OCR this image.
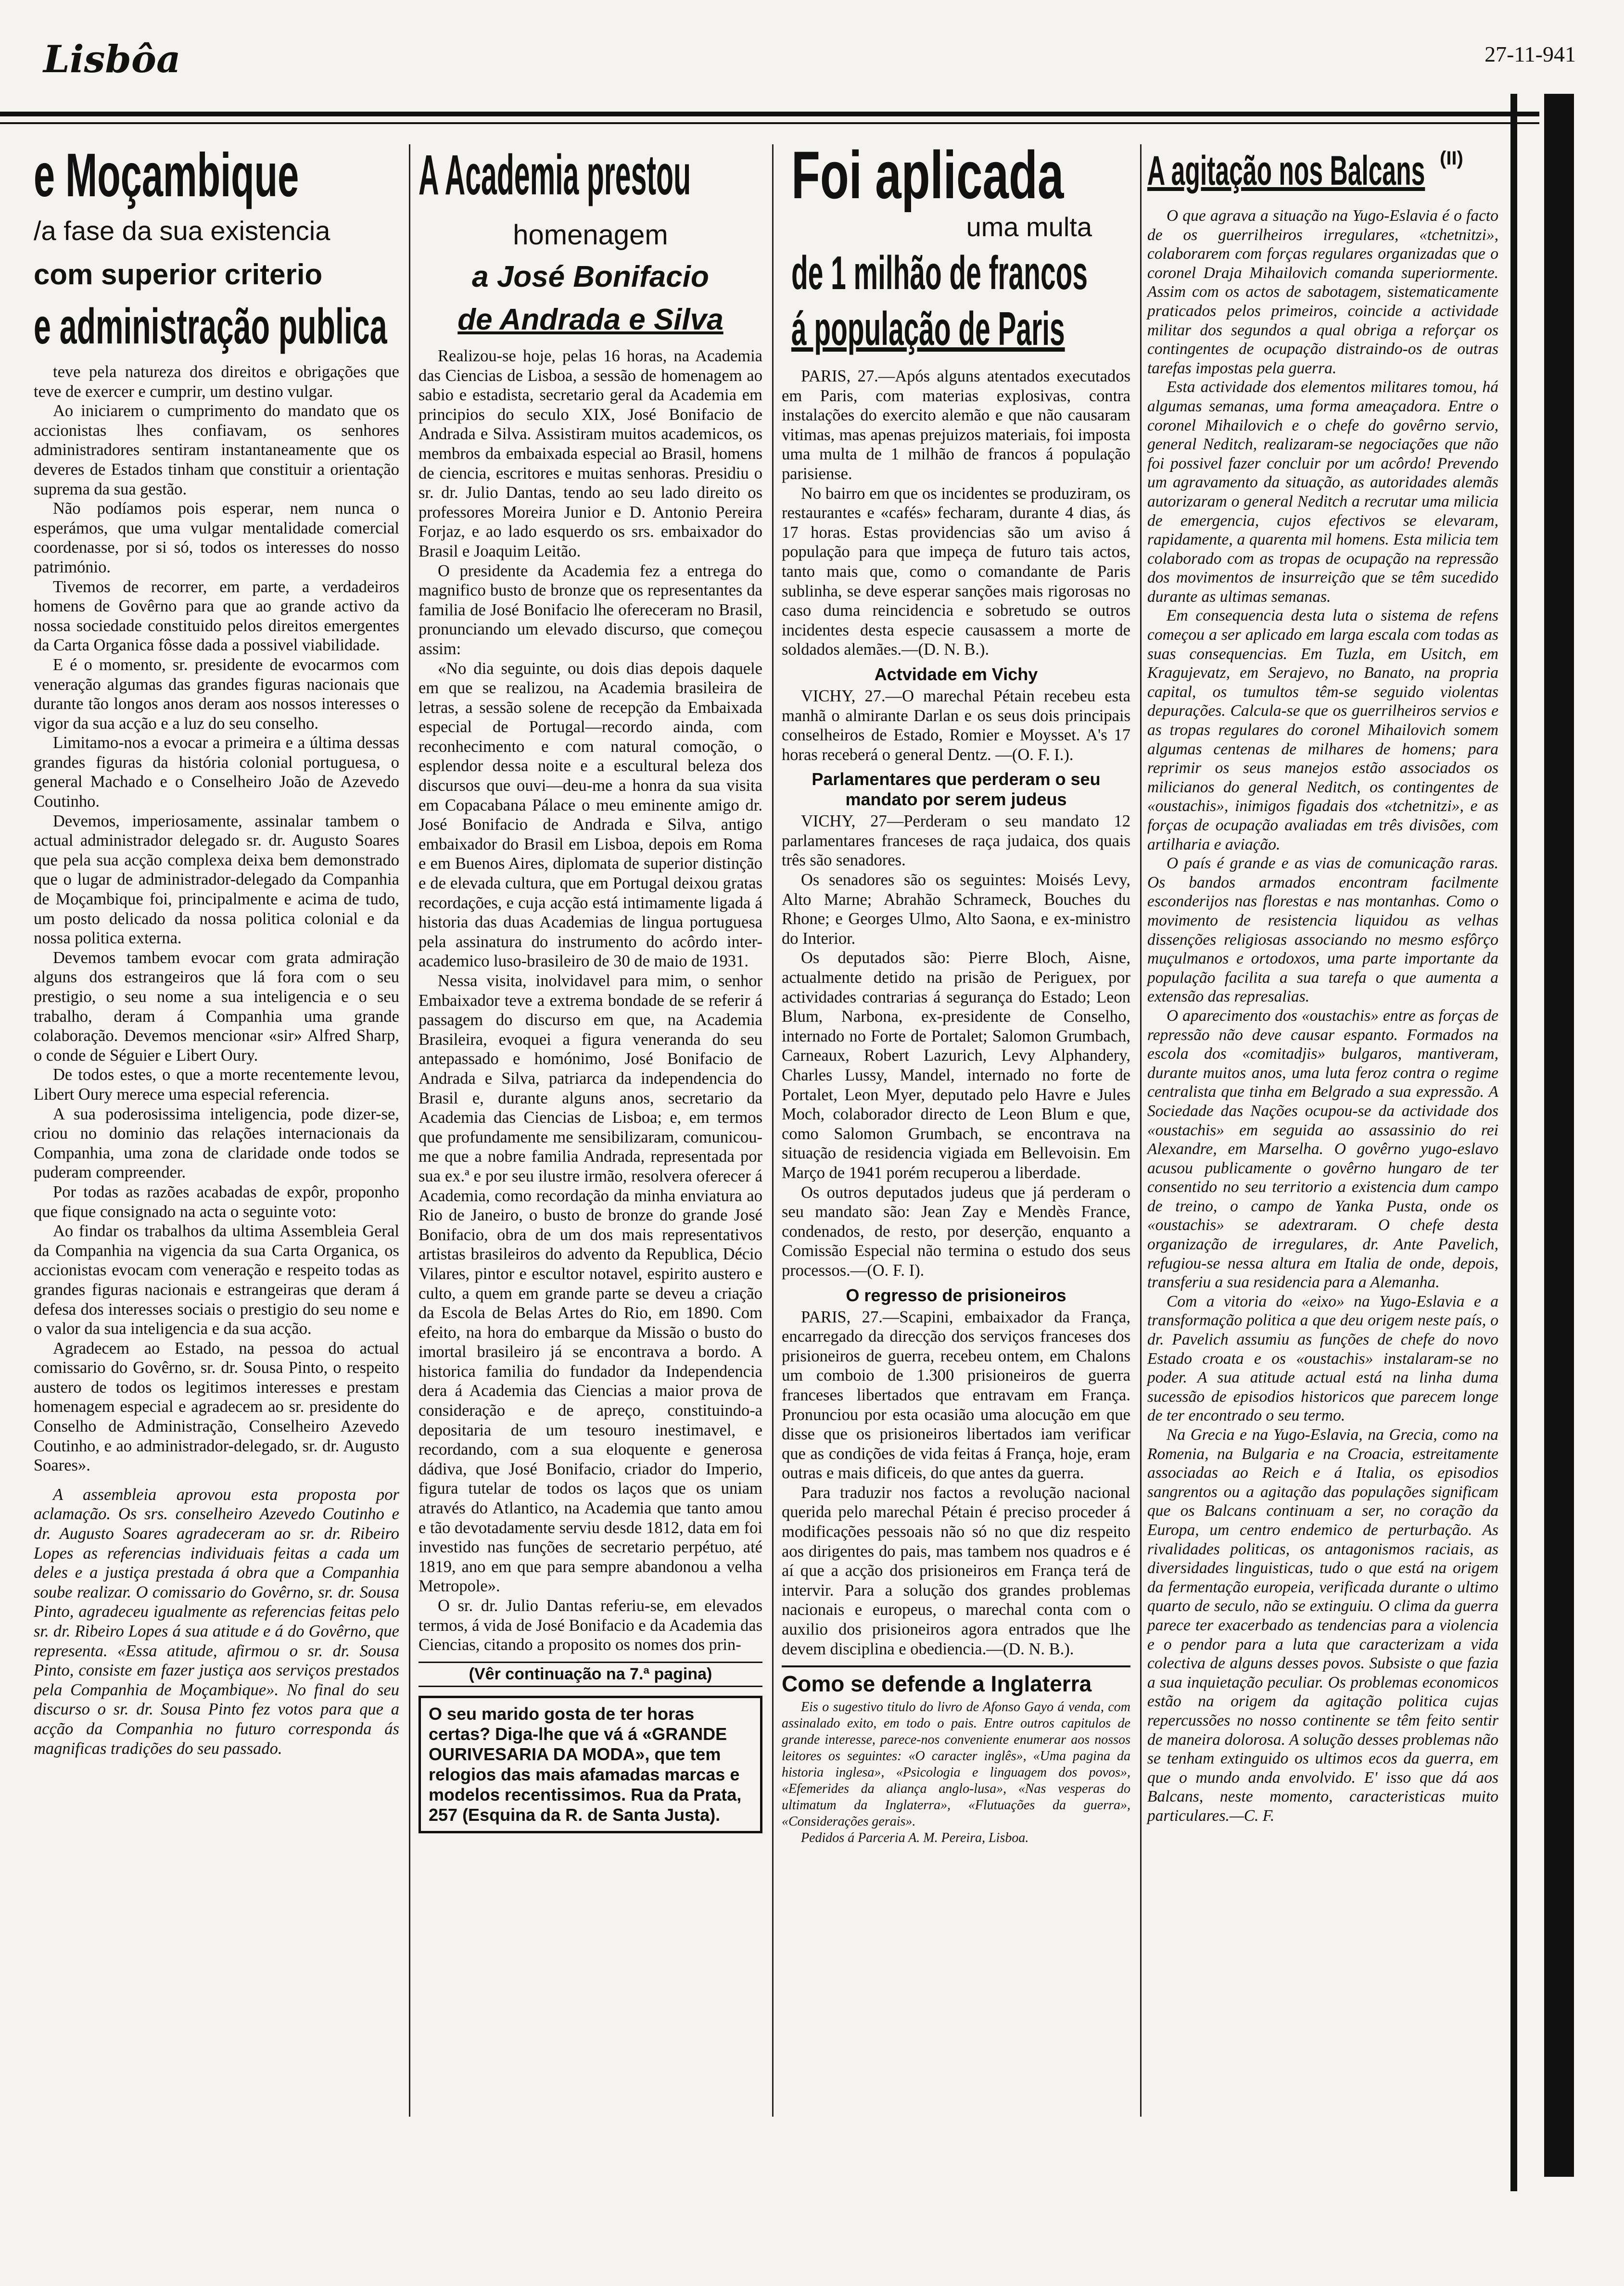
Lisbôa	27-11-941
e Moçambique
/a fase da sua existencia
com superior criterio
e administração publica

teve pela natureza dos direitos e obrigações que teve de exercer e cumprir, um destino vulgar.

Ao iniciarem o cumprimento do mandato que os accionistas lhes confiavam, os senhores administradores sentiram instantaneamente que os deveres de Estados tinham que constituir a orientação suprema da sua gestão.

Não podíamos pois esperar, nem nunca o esperámos, que uma vulgar mentalidade comercial coordenasse, por si só, todos os interesses do nosso património.

Tivemos de recorrer, em parte, a verdadeiros homens de Govêrno para que ao grande activo da nossa sociedade constituido pelos direitos emergentes da Carta Organica fôsse dada a possivel viabilidade.

E é o momento, sr. presidente de evocarmos com veneração algumas das grandes figuras nacionais que durante tão longos anos deram aos nossos interesses o vigor da sua acção e a luz do seu conselho.

Limitamo-nos a evocar a primeira e a última dessas grandes figuras da história colonial portuguesa, o general Machado e o Conselheiro João de Azevedo Coutinho.

Devemos, imperiosamente, assinalar tambem o actual administrador delegado sr. dr. Augusto Soares que pela sua acção complexa deixa bem demonstrado que o lugar de administrador-delegado da Companhia de Moçambique foi, principalmente e acima de tudo, um posto delicado da nossa politica colonial e da nossa politica externa.

Devemos tambem evocar com grata admiração alguns dos estrangeiros que lá fora com o seu prestigio, o seu nome a sua inteligencia e o seu trabalho, deram á Companhia uma grande colaboração. Devemos mencionar «sir» Alfred Sharp, o conde de Séguier e Libert Oury.

De todos estes, o que a morte recentemente levou, Libert Oury merece uma especial referencia.

A sua poderosissima inteligencia, pode dizer-se, criou no dominio das relações internacionais da Companhia, uma zona de claridade onde todos se puderam compreender.

Por todas as razões acabadas de expôr, proponho que fique consignado na acta o seguinte voto:

Ao findar os trabalhos da ultima Assembleia Geral da Companhia na vigencia da sua Carta Organica, os accionistas evocam com veneração e respeito todas as grandes figuras nacionais e estrangeiras que deram á defesa dos interesses sociais o prestigio do seu nome e o valor da sua inteligencia e da sua acção.

Agradecem ao Estado, na pessoa do actual comissario do Govêrno, sr. dr. Sousa Pinto, o respeito austero de todos os legitimos interesses e prestam homenagem especial e agradecem ao sr. presidente do Conselho de Administração, Conselheiro Azevedo Coutinho, e ao administrador-delegado, sr. dr. Augusto Soares».

A assembleia aprovou esta proposta por aclamação. Os srs. conselheiro Azevedo Coutinho e dr. Augusto Soares agradeceram ao sr. dr. Ribeiro Lopes as referencias individuais feitas a cada um deles e a justiça prestada á obra que a Companhia soube realizar. O comissario do Govêrno, sr. dr. Sousa Pinto, agradeceu igualmente as referencias feitas pelo sr. dr. Ribeiro Lopes á sua atitude e á do Govêrno, que representa. «Essa atitude, afirmou o sr. dr. Sousa Pinto, consiste em fazer justiça aos serviços prestados pela Companhia de Moçambique». No final do seu discurso o sr. dr. Sousa Pinto fez votos para que a acção da Companhia no futuro corresponda ás magnificas tradições do seu passado.

A Academia prestou
homenagem
a José Bonifacio
de Andrada e Silva

Realizou-se hoje, pelas 16 horas, na Academia das Ciencias de Lisboa, a sessão de homenagem ao sabio e estadista, secretario geral da Academia em principios do seculo XIX, José Bonifacio de Andrada e Silva. Assistiram muitos academicos, os membros da embaixada especial ao Brasil, homens de ciencia, escritores e muitas senhoras. Presidiu o sr. dr. Julio Dantas, tendo ao seu lado direito os professores Moreira Junior e D. Antonio Pereira Forjaz, e ao lado esquerdo os srs. embaixador do Brasil e Joaquim Leitão.

O presidente da Academia fez a entrega do magnifico busto de bronze que os representantes da familia de José Bonifacio lhe ofereceram no Brasil, pronunciando um elevado discurso, que começou assim:

«No dia seguinte, ou dois dias depois daquele em que se realizou, na Academia brasileira de letras, a sessão solene de recepção da Embaixada especial de Portugal—recordo ainda, com reconhecimento e com natural comoção, o esplendor dessa noite e a escultural beleza dos discursos que ouvi—deu-me a honra da sua visita em Copacabana Pálace o meu eminente amigo dr. José Bonifacio de Andrada e Silva, antigo embaixador do Brasil em Lisboa, depois em Roma e em Buenos Aires, diplomata de superior distinção e de elevada cultura, que em Portugal deixou gratas recordações, e cuja acção está intimamente ligada á historia das duas Academias de lingua portuguesa pela assinatura do instrumento do acôrdo inter-academico luso-brasileiro de 30 de maio de 1931.

Nessa visita, inolvidavel para mim, o senhor Embaixador teve a extrema bondade de se referir á passagem do discurso em que, na Academia Brasileira, evoquei a figura veneranda do seu antepassado e homónimo, José Bonifacio de Andrada e Silva, patriarca da independencia do Brasil e, durante alguns anos, secretario da Academia das Ciencias de Lisboa; e, em termos que profundamente me sensibilizaram, comunicou-me que a nobre familia Andrada, representada por sua ex.ª e por seu ilustre irmão, resolvera oferecer á Academia, como recordação da minha enviatura ao Rio de Janeiro, o busto de bronze do grande José Bonifacio, obra de um dos mais representativos artistas brasileiros do advento da Republica, Décio Vilares, pintor e escultor notavel, espirito austero e culto, a quem em grande parte se deveu a criação da Escola de Belas Artes do Rio, em 1890. Com efeito, na hora do embarque da Missão o busto do imortal brasileiro já se encontrava a bordo. A historica familia do fundador da Independencia dera á Academia das Ciencias a maior prova de consideração e de apreço, constituindo-a depositaria de um tesouro inestimavel, e recordando, com a sua eloquente e generosa dádiva, que José Bonifacio, criador do Imperio, figura tutelar de todos os laços que os uniam através do Atlantico, na Academia que tanto amou e tão devotadamente serviu desde 1812, data em foi investido nas funções de secretario perpétuo, até 1819, ano em que para sempre abandonou a velha Metropole».

O sr. dr. Julio Dantas referiu-se, em elevados termos, á vida de José Bonifacio e da Academia das Ciencias, citando a proposito os nomes dos prin-

(Vêr continuação na 7.ª pagina)
O seu marido gosta de ter horas certas? Diga-lhe que vá á «GRANDE OURIVESARIA DA MODA», que tem relogios das mais afamadas marcas e modelos recentissimos. Rua da Prata, 257 (Esquina da R. de Santa Justa).
Foi aplicada
uma multa
de 1 milhão de francos
á população de Paris

PARIS, 27.—Após alguns atentados executados em Paris, com materias explosivas, contra instalações do exercito alemão e que não causaram vitimas, mas apenas prejuizos materiais, foi imposta uma multa de 1 milhão de francos á população parisiense.

No bairro em que os incidentes se produziram, os restaurantes e «cafés» fecharam, durante 4 dias, ás 17 horas. Estas providencias são um aviso á população para que impeça de futuro tais actos, tanto mais que, como o comandante de Paris sublinha, se deve esperar sanções mais rigorosas no caso duma reincidencia e sobretudo se outros incidentes desta especie causassem a morte de soldados alemães.—(D. N. B.).

Actvidade em Vichy

VICHY, 27.—O marechal Pétain recebeu esta manhã o almirante Darlan e os seus dois principais conselheiros de Estado, Romier e Moysset. A's 17 horas receberá o general Dentz. —(O. F. I.).

Parlamentares que perderam o seu mandato por serem judeus

VICHY, 27—Perderam o seu mandato 12 parlamentares franceses de raça judaica, dos quais três são senadores.

Os senadores são os seguintes: Moisés Levy, Alto Marne; Abrahão Schrameck, Bouches du Rhone; e Georges Ulmo, Alto Saona, e ex-ministro do Interior.

Os deputados são: Pierre Bloch, Aisne, actualmente detido na prisão de Periguex, por actividades contrarias á segurança do Estado; Leon Blum, Narbona, ex-presidente de Conselho, internado no Forte de Portalet; Salomon Grumbach, Carneaux, Robert Lazurich, Levy Alphandery, Charles Lussy, Mandel, internado no forte de Portalet, Leon Myer, deputado pelo Havre e Jules Moch, colaborador directo de Leon Blum e que, como Salomon Grumbach, se encontrava na situação de residencia vigiada em Bellevoisin. Em Março de 1941 porém recuperou a liberdade.

Os outros deputados judeus que já perderam o seu mandato são: Jean Zay e Mendès France, condenados, de resto, por deserção, enquanto a Comissão Especial não termina o estudo dos seus processos.—(O. F. I).

O regresso de prisioneiros

PARIS, 27.—Scapini, embaixador da França, encarregado da direcção dos serviços franceses dos prisioneiros de guerra, recebeu ontem, em Chalons um comboio de 1.300 prisioneiros de guerra franceses libertados que entravam em França. Pronunciou por esta ocasião uma alocução em que disse que os prisioneiros libertados iam verificar que as condições de vida feitas á França, hoje, eram outras e mais dificeis, do que antes da guerra.

Para traduzir nos factos a revolução nacional querida pelo marechal Pétain é preciso proceder á modificações pessoais não só no que diz respeito aos dirigentes do pais, mas tambem nos quadros e é aí que a acção dos prisioneiros em França terá de intervir. Para a solução dos grandes problemas nacionais e europeus, o marechal conta com o auxilio dos prisioneiros agora entrados que lhe devem disciplina e obediencia.—(D. N. B.).

Como se defende a Inglaterra

Eis o sugestivo titulo do livro de Afonso Gayo á venda, com assinalado exito, em todo o pais. Entre outros capitulos de grande interesse, parece-nos conveniente enumerar aos nossos leitores os seguintes: «O caracter inglês», «Uma pagina da historia inglesa», «Psicologia e linguagem dos povos», «Efemerides da aliança anglo-lusa», «Nas vesperas do ultimatum da Inglaterra», «Flutuações da guerra», «Considerações gerais».

Pedidos á Parceria A. M. Pereira, Lisboa.

A agitação nos Balcans (II)

O que agrava a situação na Yugo-Eslavia é o facto de os guerrilheiros irregulares, «tchetnitzi», colaborarem com forças regulares organizadas que o coronel Draja Mihailovich comanda superiormente. Assim com os actos de sabotagem, sistematicamente praticados pelos primeiros, coincide a actividade militar dos segundos a qual obriga a reforçar os contingentes de ocupação distraindo-os de outras tarefas impostas pela guerra.

Esta actividade dos elementos militares tomou, há algumas semanas, uma forma ameaçadora. Entre o coronel Mihailovich e o chefe do govêrno servio, general Neditch, realizaram-se negociações que não foi possivel fazer concluir por um acôrdo! Prevendo um agravamento da situação, as autoridades alemãs autorizaram o general Neditch a recrutar uma milicia de emergencia, cujos efectivos se elevaram, rapidamente, a quarenta mil homens. Esta milicia tem colaborado com as tropas de ocupação na repressão dos movimentos de insurreição que se têm sucedido durante as ultimas semanas.

Em consequencia desta luta o sistema de refens começou a ser aplicado em larga escala com todas as suas consequencias. Em Tuzla, em Usitch, em Kragujevatz, em Serajevo, no Banato, na propria capital, os tumultos têm-se seguido violentas depurações. Calcula-se que os guerrilheiros servios e as tropas regulares do coronel Mihailovich somem algumas centenas de milhares de homens; para reprimir os seus manejos estão associados os milicianos do general Neditch, os contingentes de «oustachis», inimigos figadais dos «tchetnitzi», e as forças de ocupação avaliadas em três divisões, com artilharia e aviação.

O país é grande e as vias de comunicação raras. Os bandos armados encontram facilmente esconderijos nas florestas e nas montanhas. Como o movimento de resistencia liquidou as velhas dissenções religiosas associando no mesmo esfôrço muçulmanos e ortodoxos, uma parte importante da população facilita a sua tarefa o que aumenta a extensão das represalias.

O aparecimento dos «oustachis» entre as forças de repressão não deve causar espanto. Formados na escola dos «comitadjis» bulgaros, mantiveram, durante muitos anos, uma luta feroz contra o regime centralista que tinha em Belgrado a sua expressão. A Sociedade das Nações ocupou-se da actividade dos «oustachis» em seguida ao assassinio do rei Alexandre, em Marselha. O govêrno yugo-eslavo acusou publicamente o govêrno hungaro de ter consentido no seu territorio a existencia dum campo de treino, o campo de Yanka Pusta, onde os «oustachis» se adextraram. O chefe desta organização de irregulares, dr. Ante Pavelich, refugiou-se nessa altura em Italia de onde, depois, transferiu a sua residencia para a Alemanha.

Com a vitoria do «eixo» na Yugo-Eslavia e a transformação politica a que deu origem neste país, o dr. Pavelich assumiu as funções de chefe do novo Estado croata e os «oustachis» instalaram-se no poder. A sua atitude actual está na linha duma sucessão de episodios historicos que parecem longe de ter encontrado o seu termo.

Na Grecia e na Yugo-Eslavia, na Grecia, como na Romenia, na Bulgaria e na Croacia, estreitamente associadas ao Reich e á Italia, os episodios sangrentos ou a agitação das populações significam que os Balcans continuam a ser, no coração da Europa, um centro endemico de perturbação. As rivalidades politicas, os antagonismos raciais, as diversidades linguisticas, tudo o que está na origem da fermentação europeia, verificada durante o ultimo quarto de seculo, não se extinguiu. O clima da guerra parece ter exacerbado as tendencias para a violencia e o pendor para a luta que caracterizam a vida colectiva de alguns desses povos. Subsiste o que fazia a sua inquietação peculiar. Os problemas economicos estão na origem da agitação politica cujas repercussões no nosso continente se têm feito sentir de maneira dolorosa. A solução desses problemas não se tenham extinguido os ultimos ecos da guerra, em que o mundo anda envolvido. E' isso que dá aos Balcans, neste momento, caracteristicas muito particulares.—C. F.
